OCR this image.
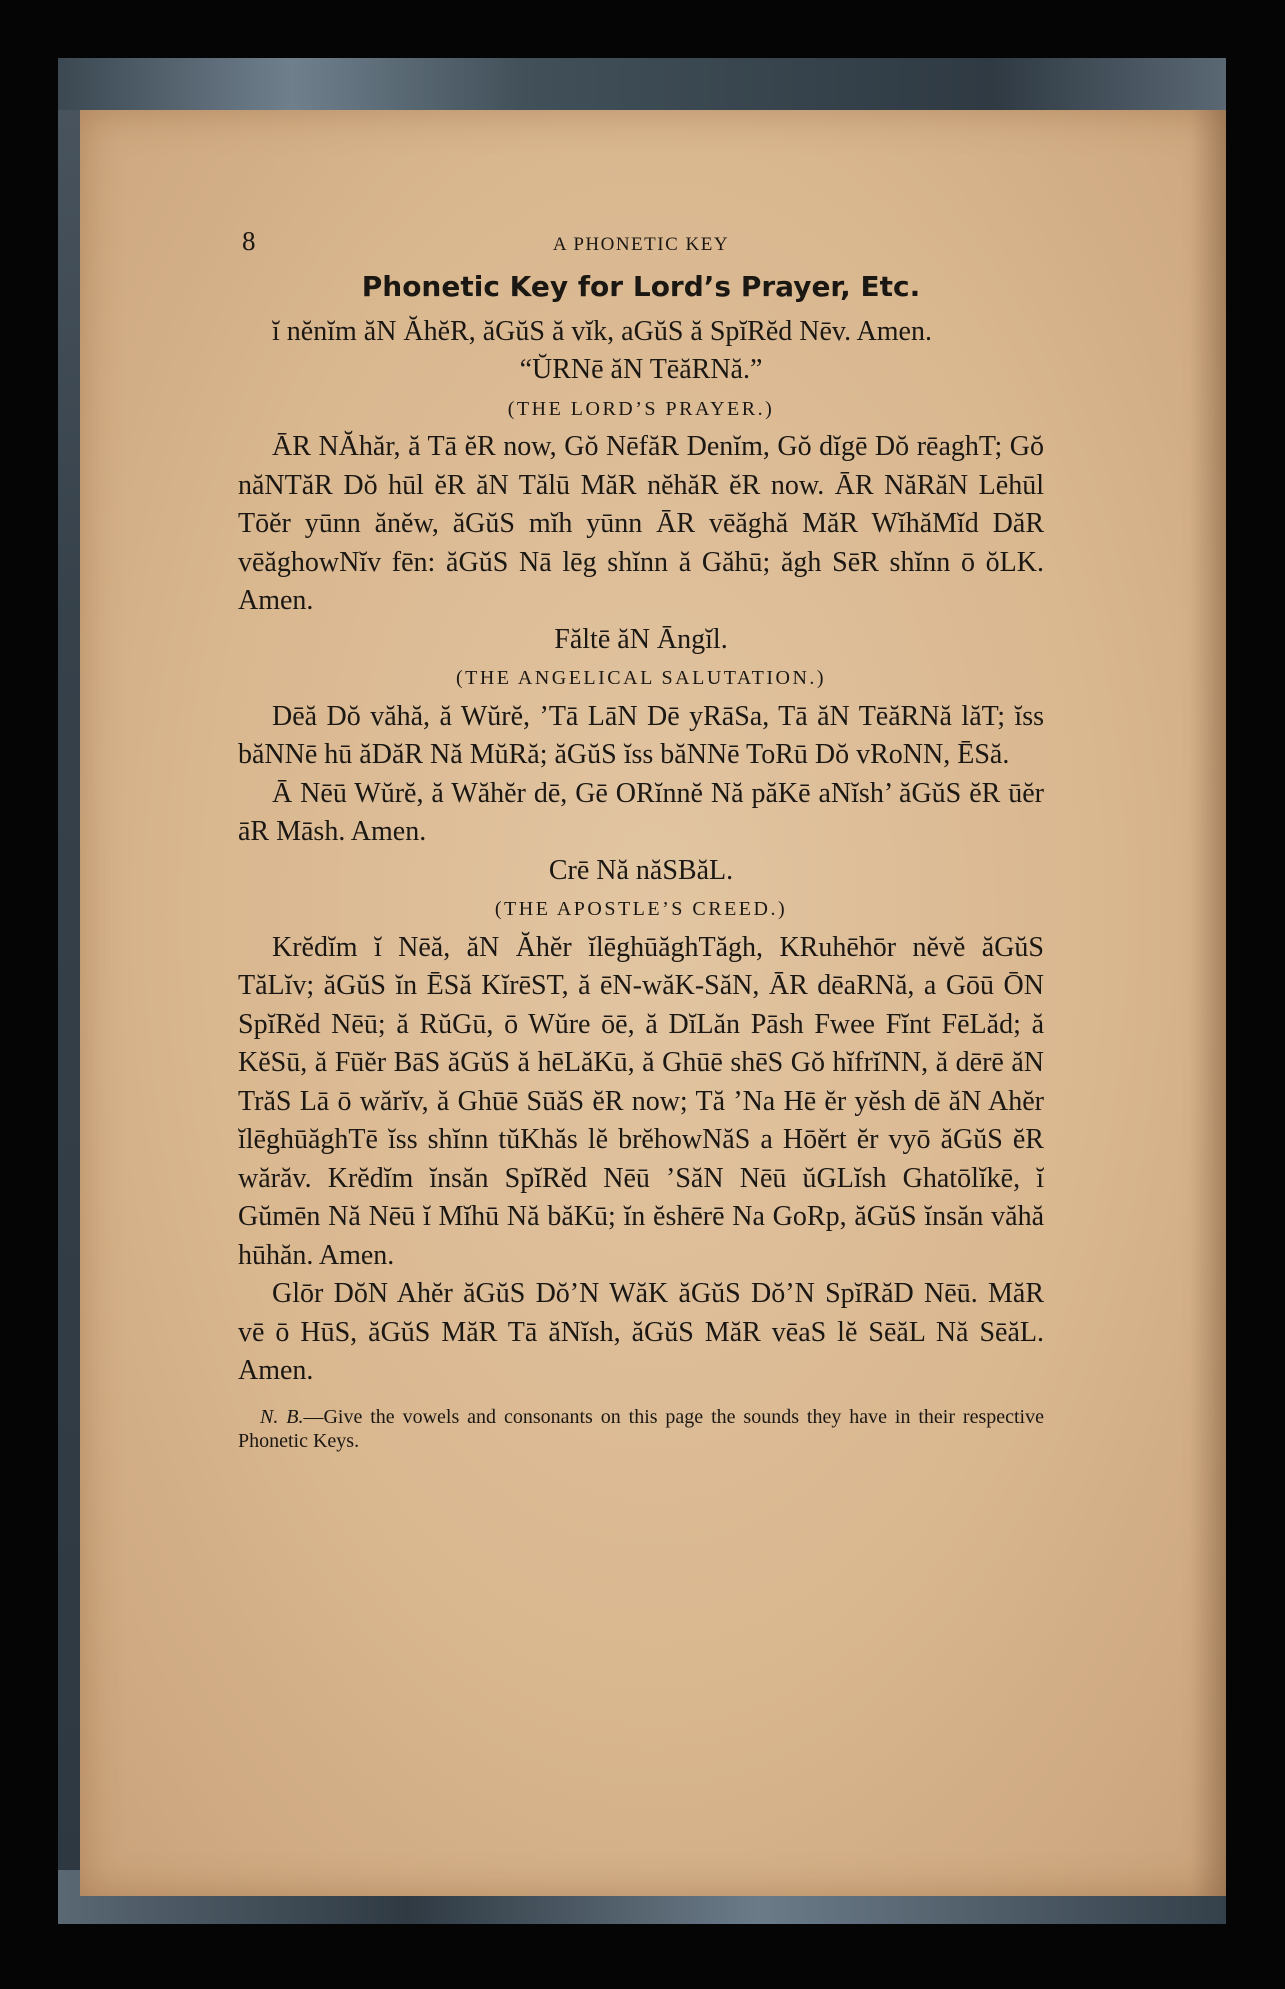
8	A PHONETIC KEY
Phonetic Key for Lord’s Prayer, Etc.

ĭ nĕnĭm ăN ĂhĕR, ăGŭS ă vĭk, aGŭS ă SpĭRĕd Nēv. Amen.

“ŬRNē ăN TēăRNă.”

(THE LORD’S PRAYER.)

ĀR NĂhăr, ă Tā ĕR now, Gŏ NēfăR Denĭm, Gŏ dĭgē Dŏ rēaghT; Gŏ năNTăR Dŏ hūl ĕR ăN Tălū MăR nĕhăR ĕR now. ĀR NăRăN Lēhūl Tōĕr yūnn ănĕw, ăGŭS mĭh yūnn ĀR vēăghă MăR WĭhăMĭd DăR vēăghowNĭv fēn: ăGŭS Nā lēg shĭnn ă Găhū; ăgh SēR shĭnn ō ŏLK. Amen.

Făltē ăN Āngĭl.

(THE ANGELICAL SALUTATION.)

Dēă Dŏ văhă, ă Wŭrĕ, ’Tā LāN Dē yRāSa, Tā ăN TēăRNă lăT; ĭss băNNē hū ăDăR Nă MŭRă; ăGŭS ĭss băNNē ToRū Dŏ vRoNN, ĒSă.

Ā Nēū Wŭrĕ, ă Wăhĕr dē, Gē ORĭnnĕ Nă păKē aNĭsh’ ăGŭS ĕR ūĕr āR Māsh. Amen.

Crē Nă năSBăL.

(THE APOSTLE’S CREED.)

Krĕdĭm ĭ Nēă, ăN Ăhĕr ĭlēghūăghTăgh, KRuhēhōr nĕvĕ ăGŭS TăLĭv; ăGŭS ĭn ĒSă KĭrēST, ă ēN-wăK-SăN, ĀR dēaRNă, a Gōū ŌN SpĭRĕd Nēū; ă RŭGū, ō Wŭre ōē, ă DĭLăn Pāsh Fwee Fĭnt FēLăd; ă KĕSū, ă Fūĕr BāS ăGŭS ă hēLăKū, ă Ghūē shēS Gŏ hĭfrĭNN, ă dērē ăN TrăS Lā ō wărĭv, ă Ghūē SūăS ĕR now; Tă ’Na Hē ĕr yĕsh dē ăN Ahĕr ĭlēghūăghTē ĭss shĭnn tŭKhăs lĕ brĕhowNăS a Hōĕrt ĕr vyō ăGŭS ĕR wărăv. Krĕdĭm ĭnsăn SpĭRĕd Nēū ’SăN Nēū ŭGLĭsh Ghatōlĭkē, ĭ Gŭmēn Nă Nēū ĭ Mĭhū Nă băKū; ĭn ĕshērē Na GoRp, ăGŭS ĭnsăn văhă hūhăn. Amen.

Glōr DŏN Ahĕr ăGŭS Dŏ’N WăK ăGŭS Dŏ’N SpĭRăD Nēū. MăR vē ō HūS, ăGŭS MăR Tā ăNĭsh, ăGŭS MăR vēaS lĕ SēăL Nă SēăL. Amen.

N. B.—Give the vowels and consonants on this page the sounds they have in their respective Phonetic Keys.
